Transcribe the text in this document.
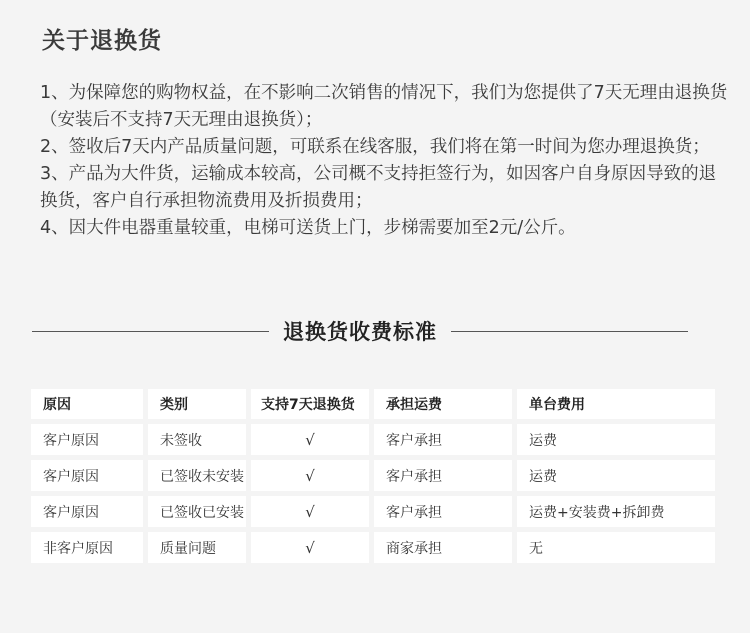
关于退换货
1、为保障您的购物权益，在不影响二次销售的情况下，我们为您提供了7天无理由退换货（安装后不支持7天无理由退换货）；
2、签收后7天内产品质量问题，可联系在线客服，我们将在第一时间为您办理退换货；
3、产品为大件货，运输成本较高，公司概不支持拒签行为，如因客户自身原因导致的退换货，客户自行承担物流费用及折损费用；
4、因大件电器重量较重，电梯可送货上门，步梯需要加至2元/公斤。
退换货收费标准
原因	类别	支持7天退换货	承担运费	单台费用
客户原因	未签收	√	客户承担	运费
客户原因	已签收未安装	√	客户承担	运费
客户原因	已签收已安装	√	客户承担	运费+安装费+拆卸费
非客户原因	质量问题	√	商家承担	无
